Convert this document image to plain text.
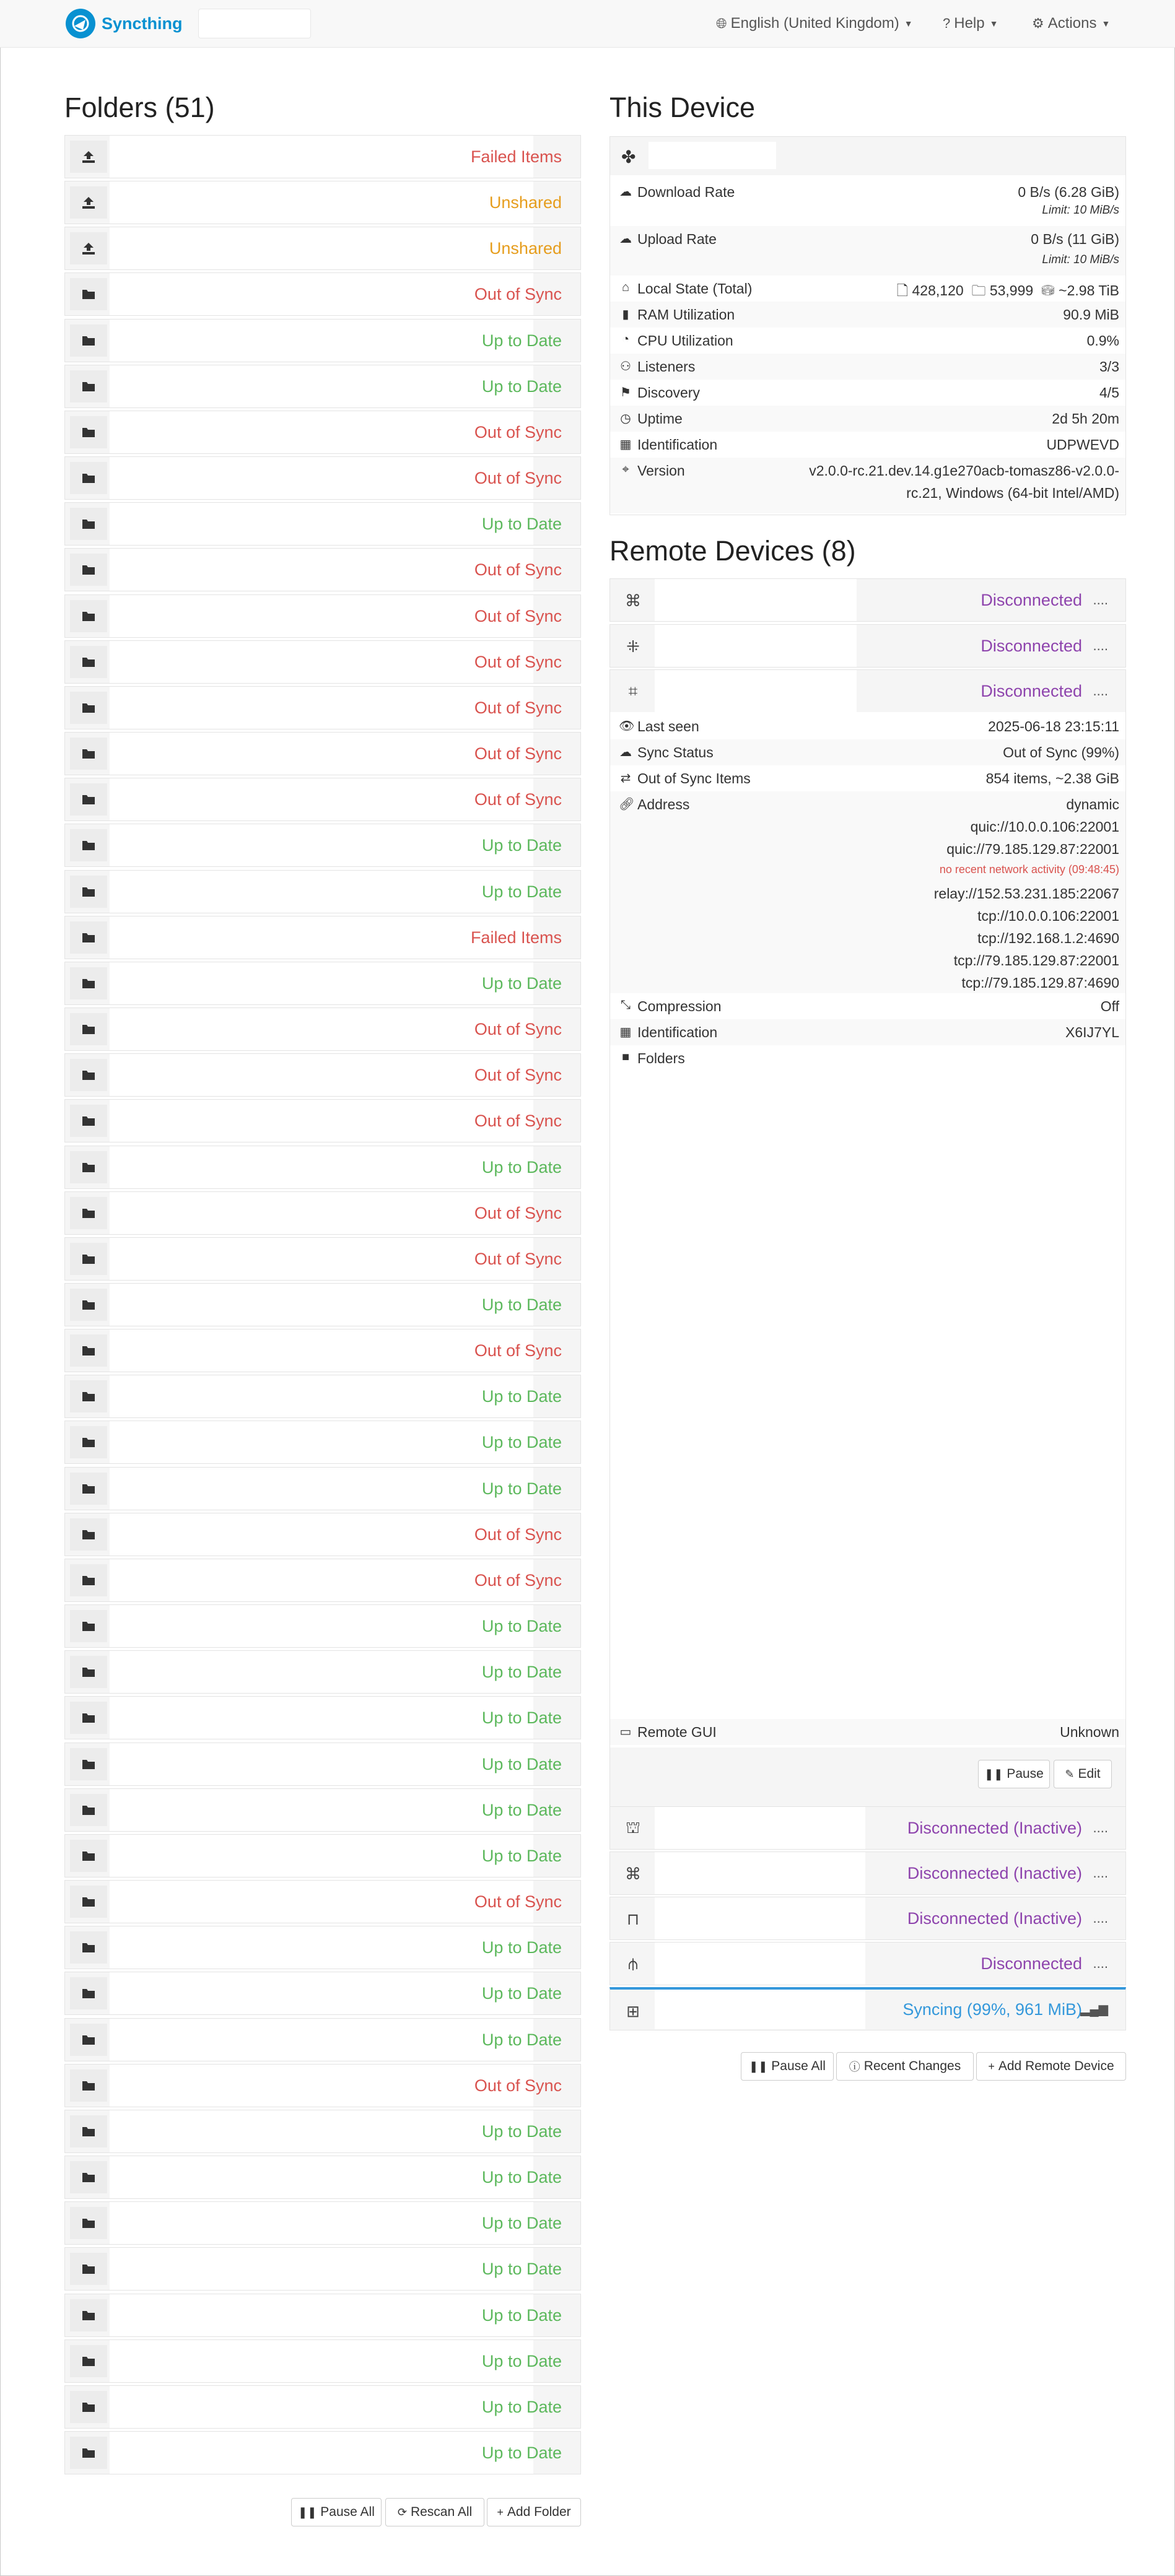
Syncthing	🌐︎ English (United Kingdom) ▼ ? Help ▼ ⚙ Actions ▼
Folders (51)
Failed Items
Unshared
Unshared
Out of Sync
Up to Date
Up to Date
Out of Sync
Out of Sync
Up to Date
Out of Sync
Out of Sync
Out of Sync
Out of Sync
Out of Sync
Out of Sync
Up to Date
Up to Date
Failed Items
Up to Date
Out of Sync
Out of Sync
Out of Sync
Up to Date
Out of Sync
Out of Sync
Up to Date
Out of Sync
Up to Date
Up to Date
Up to Date
Out of Sync
Out of Sync
Up to Date
Up to Date
Up to Date
Up to Date
Up to Date
Up to Date
Out of Sync
Up to Date
Up to Date
Up to Date
Out of Sync
Up to Date
Up to Date
Up to Date
Up to Date
Up to Date
Up to Date
Up to Date
Up to Date
❚❚ Pause All ⟳ Rescan All + Add Folder
This Device
✤
☁ Download Rate	0 B/s (6.28 GiB)
Limit: 10 MiB/s
☁ Upload Rate	0 B/s (11 GiB)
Limit: 10 MiB/s
⌂ Local State (Total)	🗋︎ 428,120 🗀︎ 53,999 ⛁ ~2.98 TiB
▮ RAM Utilization	90.9 MiB
◔ CPU Utilization	0.9%
⚇ Listeners	3/3
⚑ Discovery	4/5
◷ Uptime	2d 5h 20m
▦ Identification	UDPWEVD
⌖ Version	v2.0.0-rc.21.dev.14.g1e270acb-tomasz86-v2.0.0-
rc.21, Windows (64-bit Intel/AMD)
Remote Devices (8)
⌘	Disconnected ....
⁜	Disconnected ....
⌗	Disconnected ....
👁︎ Last seen	2025-06-18 23:15:11
☁ Sync Status	Out of Sync (99%)
⇄ Out of Sync Items	854 items, ~2.38 GiB
🔗︎ Address	dynamic
quic://10.0.0.106:22001
quic://79.185.129.87:22001
no recent network activity (09:48:45)
relay://152.53.231.185:22067
tcp://10.0.0.106:22001
tcp://192.168.1.2:4690
tcp://79.185.129.87:22001
tcp://79.185.129.87:4690
⤡ Compression	Off
▦ Identification	X6IJ7YL
■ Folders
▭ Remote GUI	Unknown
❚❚ Pause ✎ Edit
⛫	Disconnected (Inactive) ....
⌘	Disconnected (Inactive) ....
⊓	Disconnected (Inactive) ....
⫛	Disconnected ....
⊞	Syncing (99%, 961 MiB)
▂▄▆
❚❚ Pause All ⓘ Recent Changes + Add Remote Device
